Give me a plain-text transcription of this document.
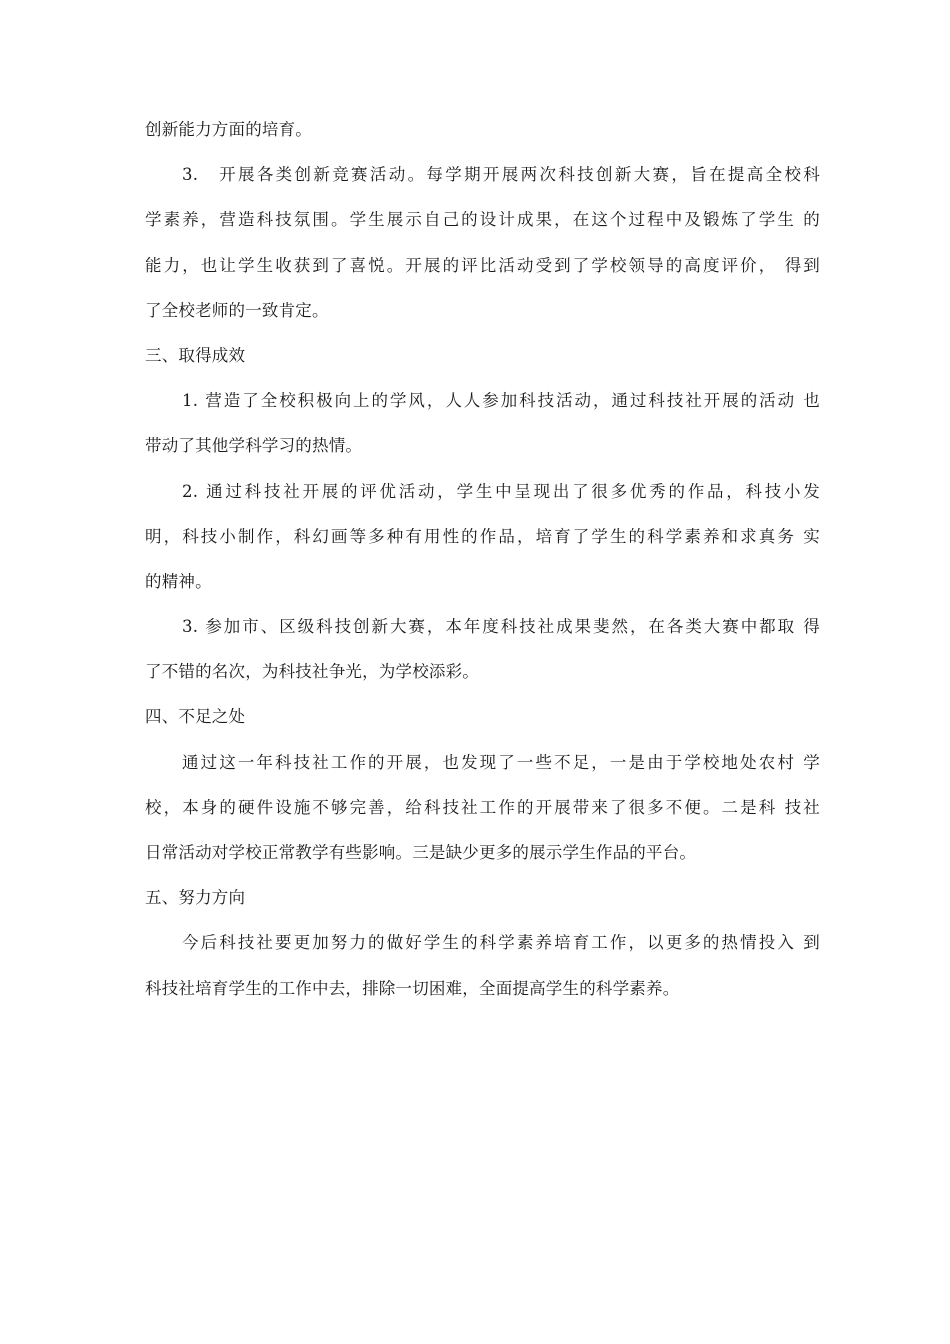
创新能力方面的培育。
3.　开展各类创新竞赛活动。每学期开展两次科技创新大赛，旨在提高全校科
学素养，营造科技氛围。学生展示自己的设计成果，在这个过程中及锻炼了学生 的
能力，也让学生收获到了喜悦。开展的评比活动受到了学校领导的高度评价， 得到
了全校老师的一致肯定。
三、取得成效
1. 营造了全校积极向上的学风，人人参加科技活动，通过科技社开展的活动 也
带动了其他学科学习的热情。
2. 通过科技社开展的评优活动，学生中呈现出了很多优秀的作品，科技小发
明，科技小制作，科幻画等多种有用性的作品，培育了学生的科学素养和求真务 实
的精神。
3. 参加市、区级科技创新大赛，本年度科技社成果斐然，在各类大赛中都取 得
了不错的名次，为科技社争光，为学校添彩。
四、不足之处
通过这一年科技社工作的开展，也发现了一些不足，一是由于学校地处农村 学
校，本身的硬件设施不够完善，给科技社工作的开展带来了很多不便。二是科 技社
日常活动对学校正常教学有些影响。三是缺少更多的展示学生作品的平台。
五、努力方向
今后科技社要更加努力的做好学生的科学素养培育工作，以更多的热情投入 到
科技社培育学生的工作中去，排除一切困难，全面提高学生的科学素养。
